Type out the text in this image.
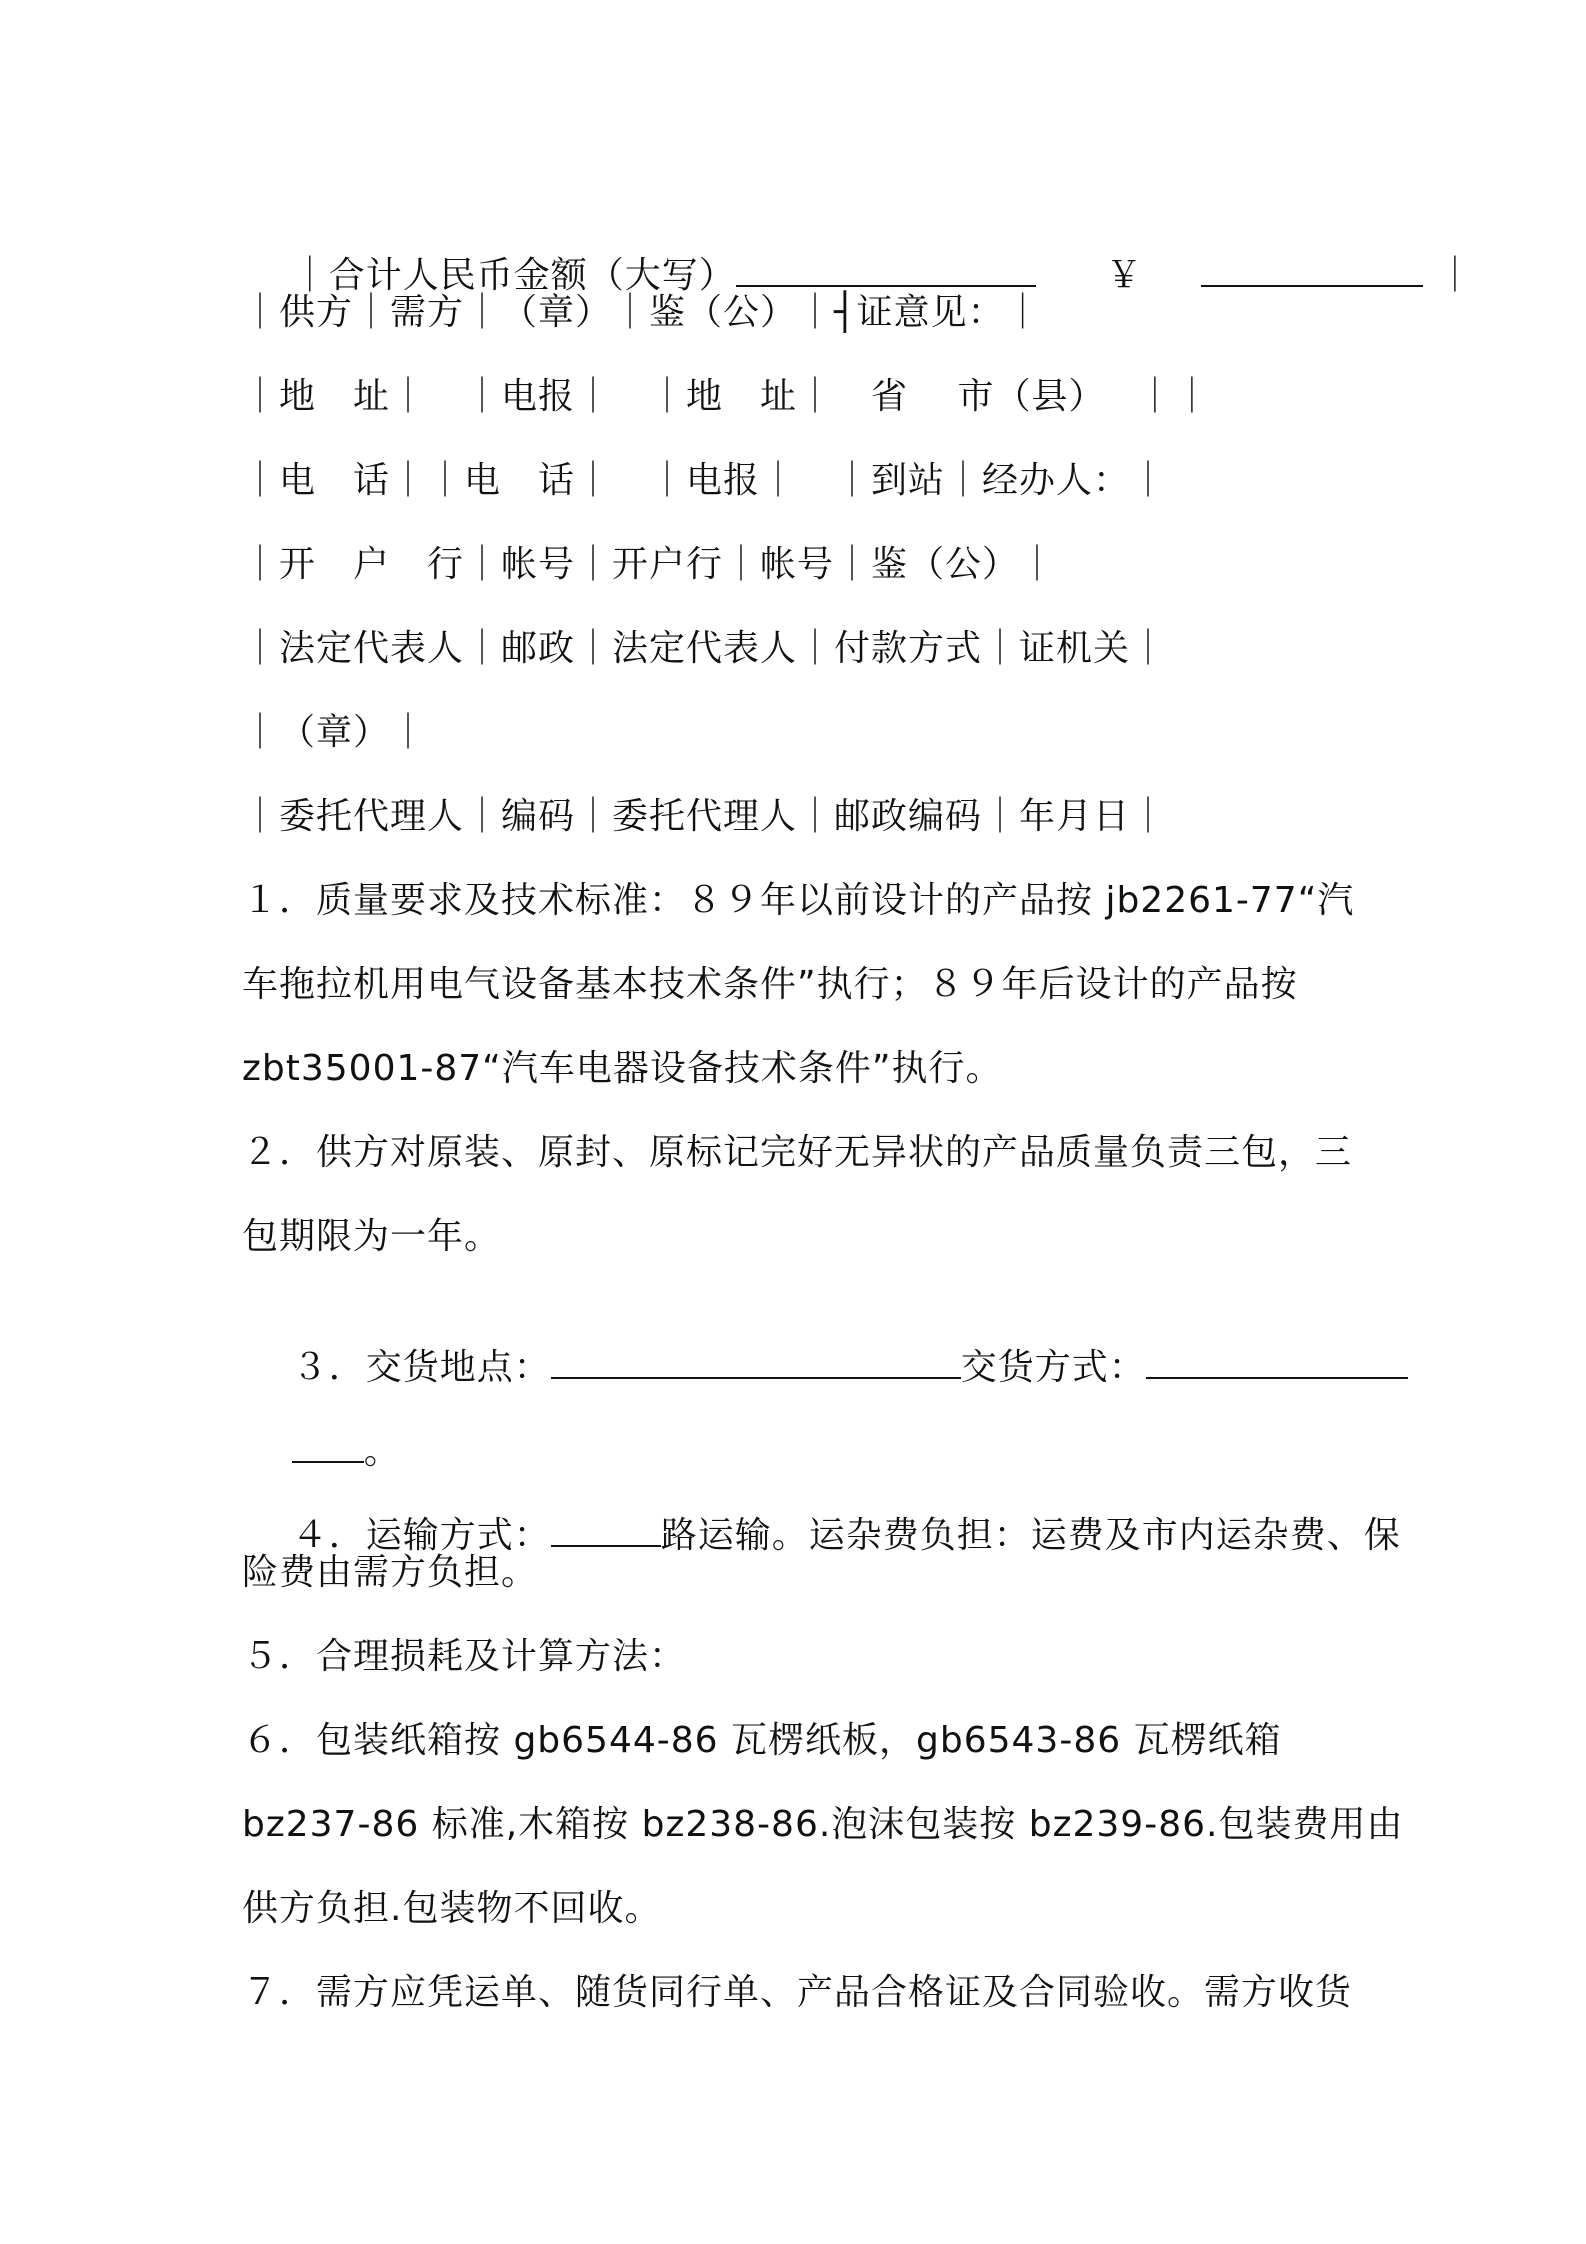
｜合计人民币金额（大写）	￥	｜

｜供方｜需方｜（章）｜鉴（公）｜┤证意见：｜
｜地　址｜　｜电报｜　｜地　址｜　省　 市（县）　 ｜｜
｜电　话｜｜电　话｜　｜电报｜　｜到站｜经办人：｜
｜开　户　行｜帐号｜开户行｜帐号｜鉴（公）｜
｜法定代表人｜邮政｜法定代表人｜付款方式｜证机关｜
｜（章）｜
｜委托代理人｜编码｜委托代理人｜邮政编码｜年月日｜
１．质量要求及技术标准：８９年以前设计的产品按 jb2261-77“汽
车拖拉机用电气设备基本技术条件”执行；８９年后设计的产品按
zbt35001-87“汽车电器设备技术条件”执行。
２．供方对原装、原封、原标记完好无异状的产品质量负责三包，三
包期限为一年。

３．交货地点：	交货方式：

。

４．运输方式：	路运输。运杂费负担：运费及市内运杂费、保

险费由需方负担。
５．合理损耗及计算方法：
６．包装纸箱按 gb6544-86 瓦楞纸板，gb6543-86 瓦楞纸箱
bz237-86 标准,木箱按 bz238-86.泡沫包装按 bz239-86.包装费用由
供方负担.包装物不回收。
７．需方应凭运单、随货同行单、产品合格证及合同验收。需方收货
